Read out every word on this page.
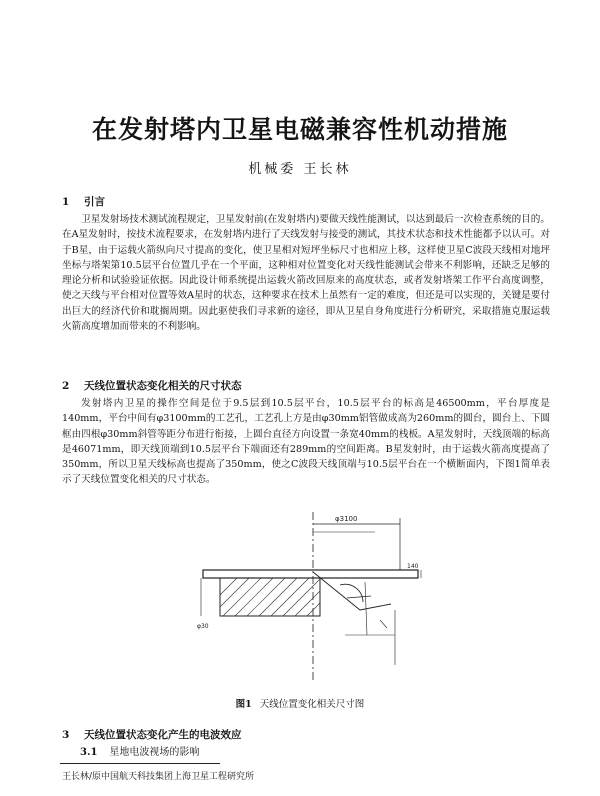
在发射塔内卫星电磁兼容性机动措施
机械委 王长林
1 引言

卫星发射场技术测试流程规定，卫星发射前(在发射塔内)要做天线性能测试，以达到最后一次检查系统的目的。在A星发射时，按技术流程要求，在发射塔内进行了天线发射与接受的测试，其技术状态和技术性能都予以认可。对于B星，由于运载火箭纵向尺寸提高的变化，使卫星相对短坪坐标尺寸也相应上移，这样使卫星C波段天线相对地坪坐标与塔架第10.5层平台位置几乎在一个平面，这种相对位置变化对天线性能测试会带来不利影响，还缺乏足够的理论分析和试验验证依据。因此设计师系统提出运载火箭改回原来的高度状态，或者发射塔架工作平台高度调整，使之天线与平台相对位置等效A星时的状态，这种要求在技术上虽然有一定的难度，但还是可以实现的，关键是要付出巨大的经济代价和耽搁周期。因此驱使我们寻求新的途径，即从卫星自身角度进行分析研究，采取措施克服运载火箭高度增加而带来的不利影响。

2 天线位置状态变化相关的尺寸状态

发射塔内卫星的操作空间是位于9.5层到10.5层平台，10.5层平台的标高是46500mm，平台厚度是140mm，平台中间有φ3100mm的工艺孔，工艺孔上方是由φ30mm铝管做成高为260mm的圆台，圆台上、下圆框由四根φ30mm斜管等距分布进行衔接，上圆台直径方向设置一条宽40mm的栈板。A星发射时，天线顶端的标高是46071mm，即天线顶端到10.5层平台下端面还有289mm的空间距离。B星发射时，由于运载火箭高度提高了350mm，所以卫星天线标高也提高了350mm，使之C波段天线顶端与10.5层平台在一个横断面内，下图1简单表示了天线位置变化相关的尺寸状态。

φ3100
140
φ30
图1 天线位置变化相关尺寸图
3 天线位置状态变化产生的电波效应
3.1 星地电波视场的影响
王长林/原中国航天科技集团上海卫星工程研究所
